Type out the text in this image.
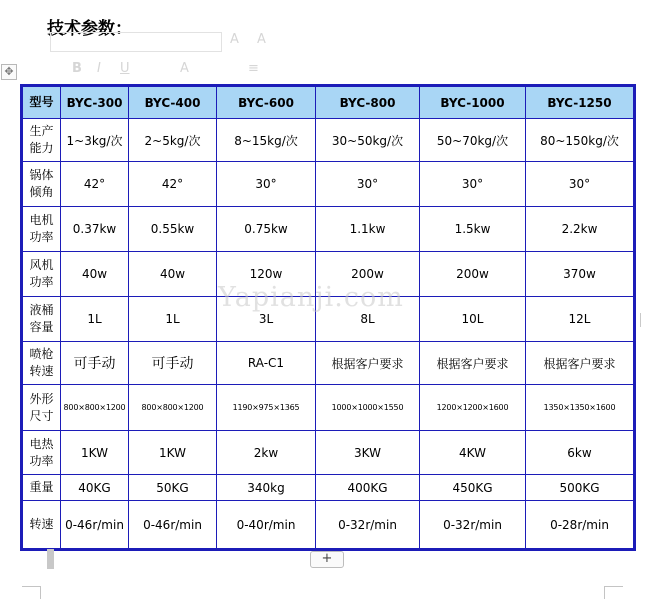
技术参数：
A A
B I U	A	≡
✥
型号	BYC-300	BYC-400	BYC-600	BYC-800	BYC-1000	BYC-1250
生产能力	1~3kg/次	2~5kg/次	8~15kg/次	30~50kg/次	50~70kg/次	80~150kg/次
锅体倾角	42°	42°	30°	30°	30°	30°
电机功率	0.37kw	0.55kw	0.75kw	1.1kw	1.5kw	2.2kw
风机功率	40w	40w	120w	200w	200w	370w
液桶容量	1L	1L	3L	8L	10L	12L
喷枪转速	可手动	可手动	RA-C1	根据客户要求	根据客户要求	根据客户要求
外形尺寸	800×800×1200	800×800×1200	1190×975×1365	1000×1000×1550	1200×1200×1600	1350×1350×1600
电热功率	1KW	1KW	2kw	3KW	4KW	6kw
重量	40KG	50KG	340kg	400KG	450KG	500KG
转速	0-46r/min	0-46r/min	0-40r/min	0-32r/min	0-32r/min	0-28r/min
Yapianji.com
+
